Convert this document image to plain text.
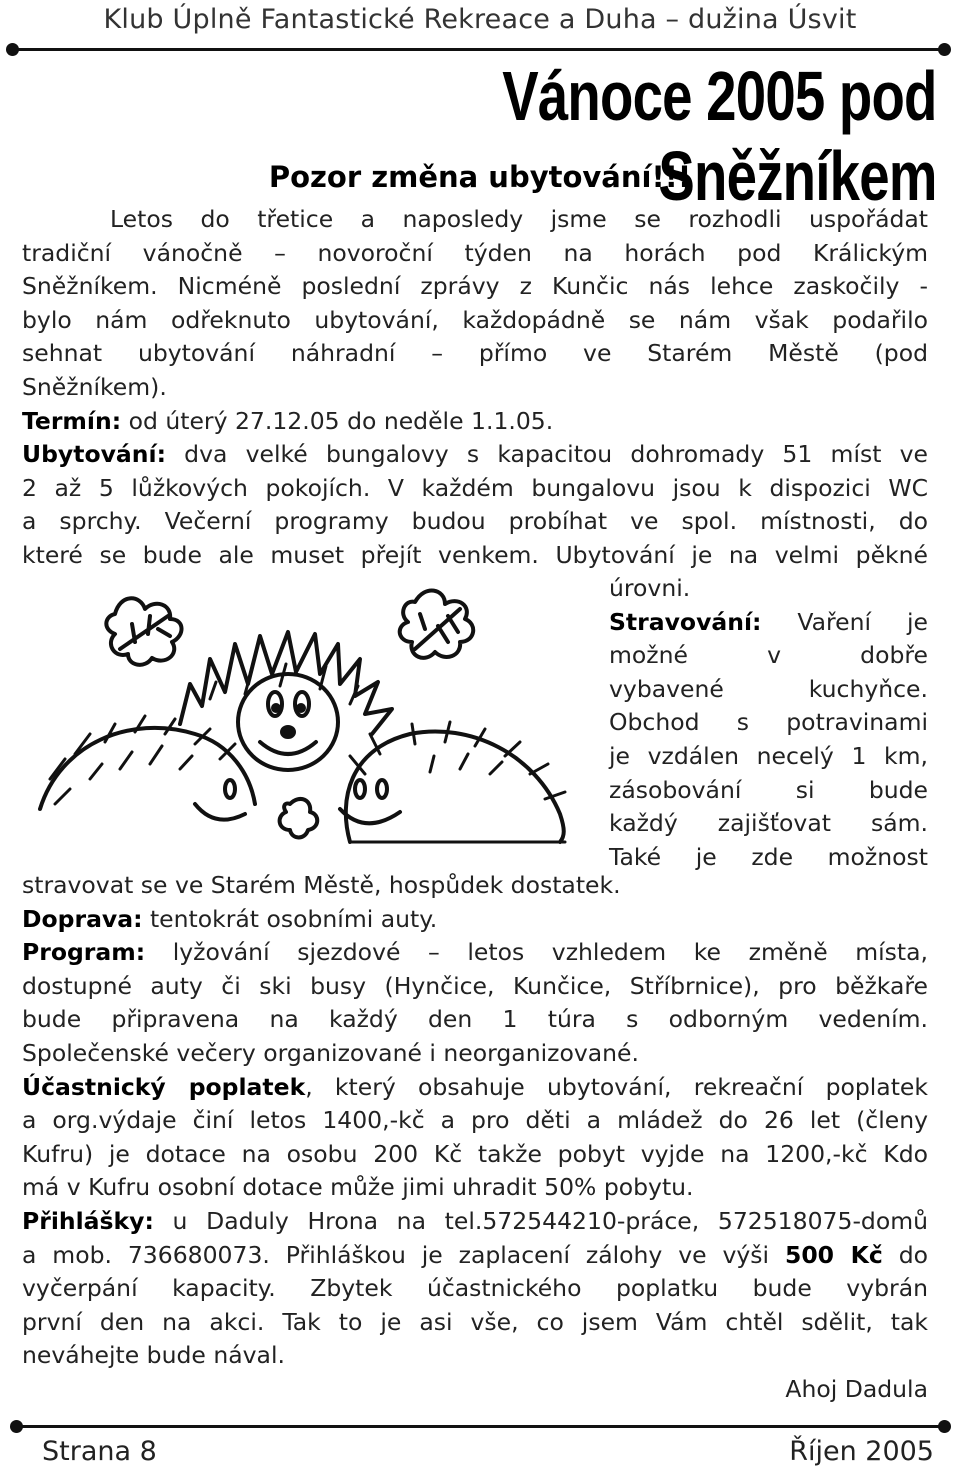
Klub Úplně Fantastické Rekreace a Duha – dužina Úsvit
Vánoce 2005 pod Sněžníkem
Pozor změna ubytování!!!
Letos do třetice a naposledy jsme se rozhodli uspořádat
tradiční vánočně – novoroční týden na horách pod Králickým
Sněžníkem. Nicméně poslední zprávy z Kunčic nás lehce zaskočily -
bylo nám odřeknuto ubytování, každopádně se nám však podařilo
sehnat ubytování náhradní – přímo ve Starém Městě (pod
Sněžníkem).
Termín: od úterý 27.12.05 do neděle 1.1.05.
Ubytování: dva velké bungalovy s kapacitou dohromady 51 míst ve
2 až 5 lůžkových pokojích. V každém bungalovu jsou k dispozici WC
a sprchy. Večerní programy budou probíhat ve spol. místnosti, do
které se bude ale muset přejít venkem. Ubytování je na velmi pěkné
úrovni.
Stravování: Vaření je
možné v dobře
vybavené kuchyňce.
Obchod s potravinami
je vzdálen necelý 1 km,
zásobování si bude
každý zajišťovat sám.
Také je zde možnost
stravovat se ve Starém Městě, hospůdek dostatek.
Doprava: tentokrát osobními auty.
Program: lyžování sjezdové – letos vzhledem ke změně místa,
dostupné auty či ski busy (Hynčice, Kunčice, Stříbrnice), pro běžkaře
bude připravena na každý den 1 túra s odborným vedením.
Společenské večery organizované i neorganizované.
Účastnický poplatek, který obsahuje ubytování, rekreační poplatek
a org.výdaje činí letos 1400,-kč a pro děti a mládež do 26 let (členy
Kufru) je dotace na osobu 200 Kč takže pobyt vyjde na 1200,-kč Kdo
má v Kufru osobní dotace může jimi uhradit 50% pobytu.
Přihlášky: u Daduly Hrona na tel.572544210-práce, 572518075-domů
a mob. 736680073. Přihláškou je zaplacení zálohy ve výši 500 Kč do
vyčerpání kapacity. Zbytek účastnického poplatku bude vybrán
první den na akci. Tak to je asi vše, co jsem Vám chtěl sdělit, tak
neváhejte bude nával.
Ahoj Dadula
Strana 8	Říjen 2005
